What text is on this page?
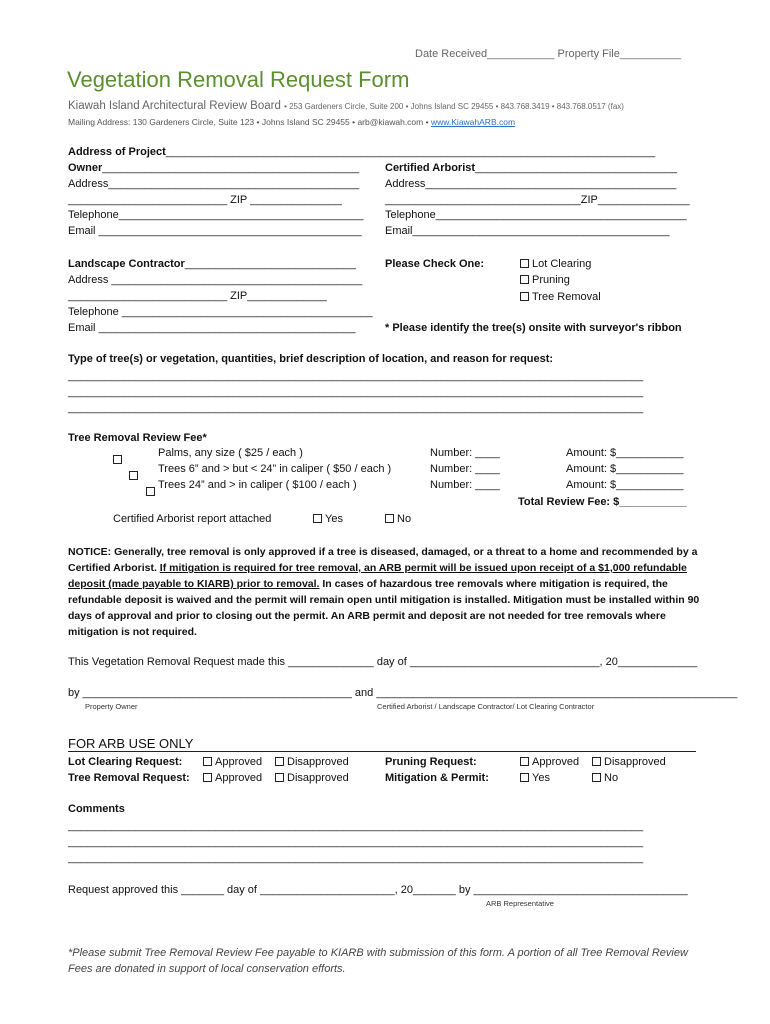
Date Received___________ Property File__________
Vegetation Removal Request Form
Kiawah Island Architectural Review Board • 253 Gardeners Circle, Suite 200 • Johns Island SC 29455 • 843.768.3419 • 843.768.0517 (fax)
Mailing Address: 130 Gardeners Circle, Suite 123 • Johns Island SC 29455 • arb@kiawah.com • www.KiawahARB.com
Address of Project________________________________________________________________________________
Owner__________________________________________
Address_________________________________________
__________________________ ZIP _______________
Telephone________________________________________
Email ___________________________________________
Certified Arborist_________________________________
Address_________________________________________
________________________________ZIP_______________
Telephone_________________________________________
Email__________________________________________
Landscape Contractor____________________________
Address _________________________________________
__________________________ ZIP_____________
Telephone _________________________________________
Email __________________________________________
Please Check One:	Lot Clearing
Pruning
Tree Removal
* Please identify the tree(s) onsite with surveyor's ribbon
Type of tree(s) or vegetation, quantities, brief description of location, and reason for request:
______________________________________________________________________________________________
______________________________________________________________________________________________
______________________________________________________________________________________________
Tree Removal Review Fee*

Palms, any size ( $25 / each )	Number: ____	Amount: $___________

Trees 6” and > but < 24” in caliper ( $50 / each )	Number: ____	Amount: $___________
Trees 24” and > in caliper ( $100 / each )	Number: ____	Amount: $___________
Total Review Fee: $___________
Certified Arborist report attached	Yes	No
NOTICE: Generally, tree removal is only approved if a tree is diseased, damaged, or a threat to a home and recommended by a Certified Arborist. If mitigation is required for tree removal, an ARB permit will be issued upon receipt of a $1,000 refundable deposit (made payable to KIARB) prior to removal. In cases of hazardous tree removals where mitigation is required, the refundable deposit is waived and the permit will remain open until mitigation is installed. Mitigation must be installed within 90 days of approval and prior to closing out the permit. An ARB permit and deposit are not needed for tree removals where mitigation is not required.
This Vegetation Removal Request made this ______________ day of _______________________________, 20_____________
by ____________________________________________ and ___________________________________________________________
Property Owner	Certified Arborist / Landscape Contractor/ Lot Clearing Contractor
FOR ARB USE ONLY
Lot Clearing Request:	Approved	Disapproved
Tree Removal Request:	Approved	Disapproved
Pruning Request:	Approved	Disapproved
Mitigation & Permit:	Yes	No
Comments
______________________________________________________________________________________________
______________________________________________________________________________________________
______________________________________________________________________________________________
Request approved this _______ day of ______________________, 20_______ by ___________________________________
ARB Representative
*Please submit Tree Removal Review Fee payable to KIARB with submission of this form. A portion of all Tree Removal Review Fees are donated in support of local conservation efforts.
